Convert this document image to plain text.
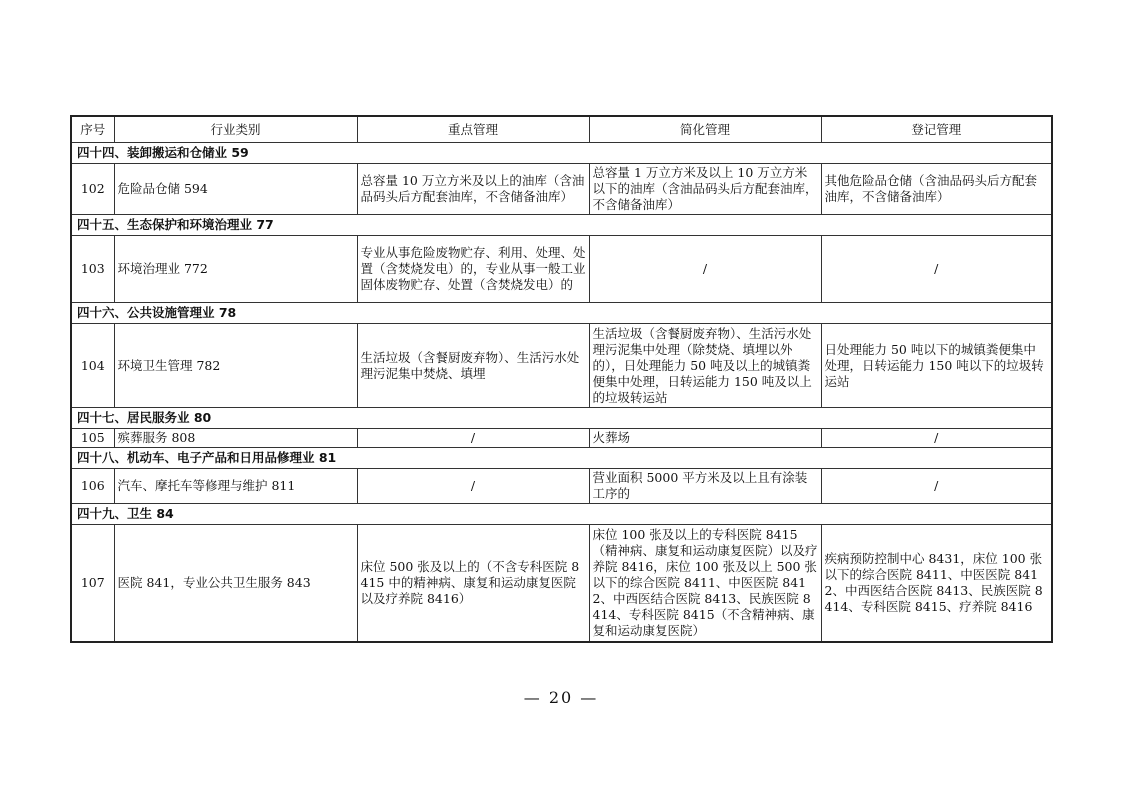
序号	行业类别	重点管理	简化管理	登记管理
四十四、装卸搬运和仓储业 59				
102	危险品仓储 594	总容量 10 万立方米及以上的油库（含油品码头后方配套油库，不含储备油库）	总容量 1 万立方米及以上 10 万立方米以下的油库（含油品码头后方配套油库，不含储备油库）	其他危险品仓储（含油品码头后方配套油库，不含储备油库）
四十五、生态保护和环境治理业 77				
103	环境治理业 772	专业从事危险废物贮存、利用、处理、处置（含焚烧发电）的，专业从事一般工业固体废物贮存、处置（含焚烧发电）的	/	/
四十六、公共设施管理业 78				
104	环境卫生管理 782	生活垃圾（含餐厨废弃物）、生活污水处理污泥集中焚烧、填埋	生活垃圾（含餐厨废弃物）、生活污水处理污泥集中处理（除焚烧、填埋以外的），日处理能力 50 吨及以上的城镇粪便集中处理，日转运能力 150 吨及以上的垃圾转运站	日处理能力 50 吨以下的城镇粪便集中处理，日转运能力 150 吨以下的垃圾转运站
四十七、居民服务业 80				
105	殡葬服务 808	/	火葬场	/
四十八、机动车、电子产品和日用品修理业 81				
106	汽车、摩托车等修理与维护 811	/	营业面积 5000 平方米及以上且有涂装工序的	/
四十九、卫生 84				
107	医院 841，专业公共卫生服务 843	床位 500 张及以上的（不含专科医院 8415 中的精神病、康复和运动康复医院以及疗养院 8416）	床位 100 张及以上的专科医院 8415（精神病、康复和运动康复医院）以及疗养院 8416，床位 100 张及以上 500 张以下的综合医院 8411、中医医院 8412、中西医结合医院 8413、民族医院 8414、专科医院 8415（不含精神病、康复和运动康复医院）	疾病预防控制中心 8431，床位 100 张以下的综合医院 8411、中医医院 8412、中西医结合医院 8413、民族医院 8414、专科医院 8415、疗养院 8416
— 20 —
